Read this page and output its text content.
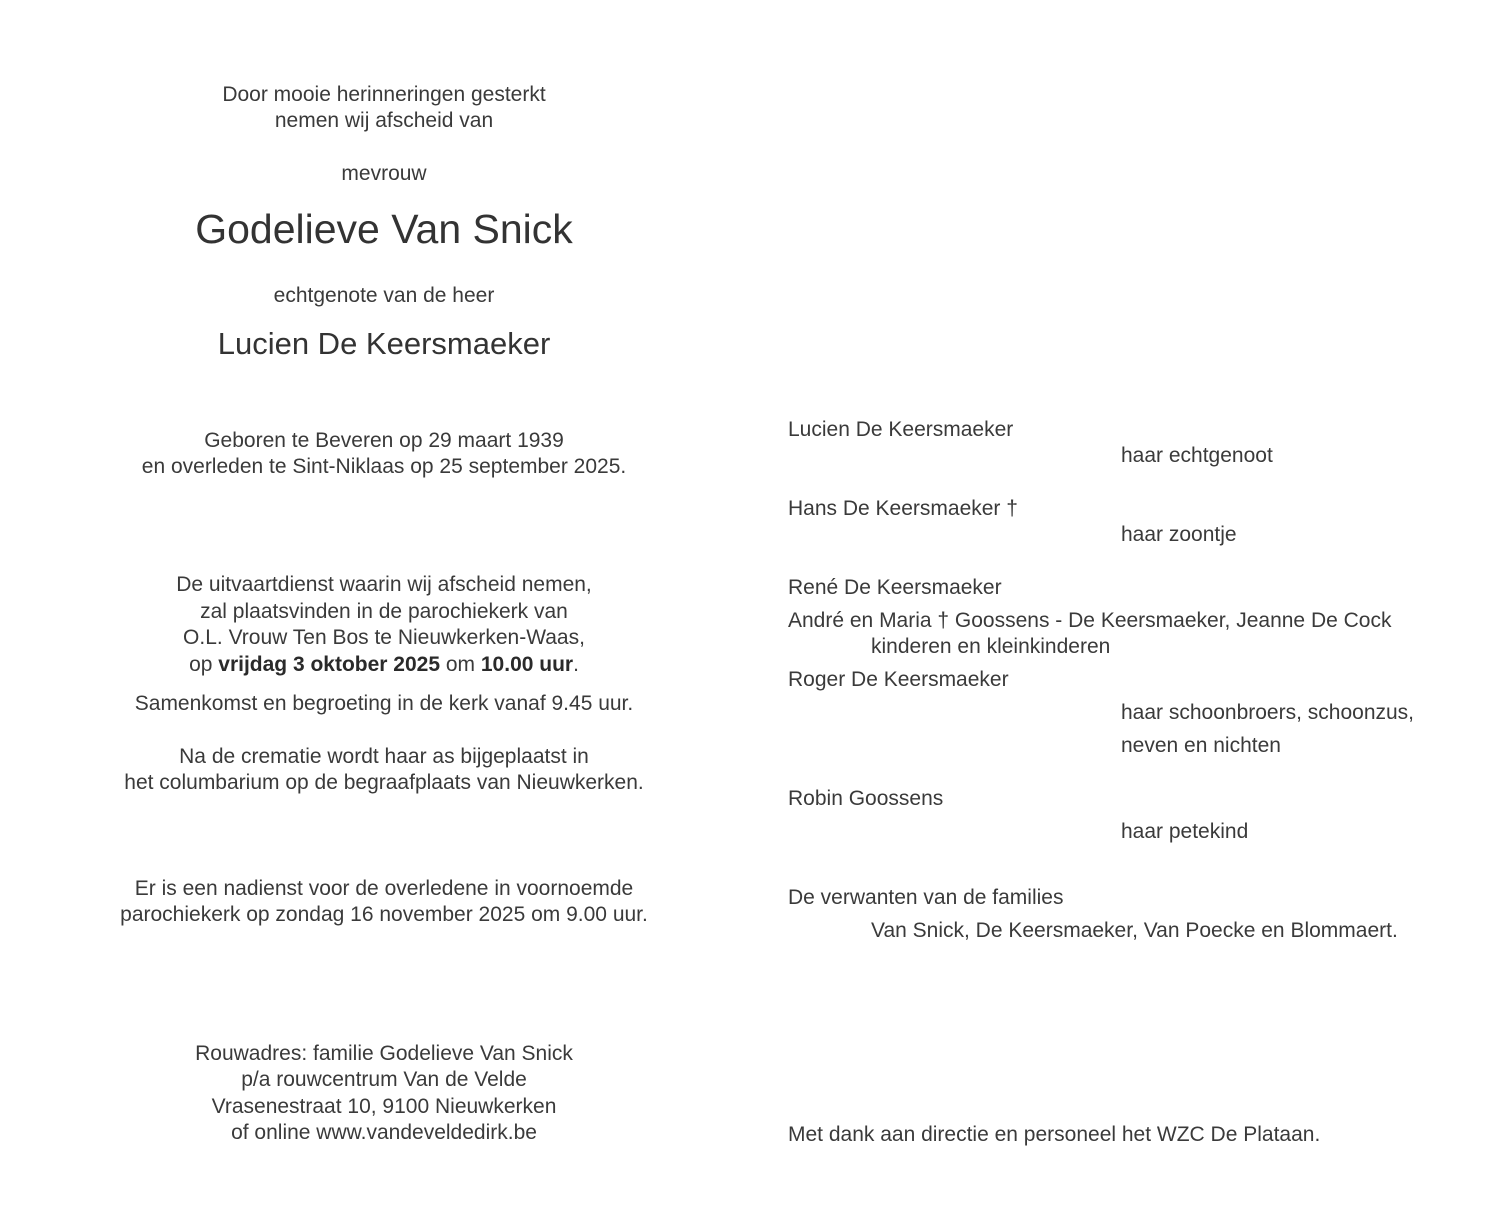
Door mooie herinneringen gesterkt
nemen wij afscheid van
mevrouw
Godelieve Van Snick
echtgenote van de heer
Lucien De Keersmaeker
Geboren te Beveren op 29 maart 1939
en overleden te Sint-Niklaas op 25 september 2025.
De uitvaartdienst waarin wij afscheid nemen,
zal plaatsvinden in de parochiekerk van
O.L. Vrouw Ten Bos te Nieuwkerken-Waas,
op vrijdag 3 oktober 2025 om 10.00 uur.
Samenkomst en begroeting in de kerk vanaf 9.45 uur.
Na de crematie wordt haar as bijgeplaatst in
het columbarium op de begraafplaats van Nieuwkerken.
Er is een nadienst voor de overledene in voornoemde
parochiekerk op zondag 16 november 2025 om 9.00 uur.
Rouwadres: familie Godelieve Van Snick
p/a rouwcentrum Van de Velde
Vrasenestraat 10, 9100 Nieuwkerken
of online www.vandeveldedirk.be
Lucien De Keersmaeker
haar echtgenoot
Hans De Keersmaeker †
haar zoontje
René De Keersmaeker
André en Maria † Goossens - De Keersmaeker, Jeanne De Cock
kinderen en kleinkinderen
Roger De Keersmaeker
haar schoonbroers, schoonzus,
neven en nichten
Robin Goossens
haar petekind
De verwanten van de families
Van Snick, De Keersmaeker, Van Poecke en Blommaert.
Met dank aan directie en personeel het WZC De Plataan.
